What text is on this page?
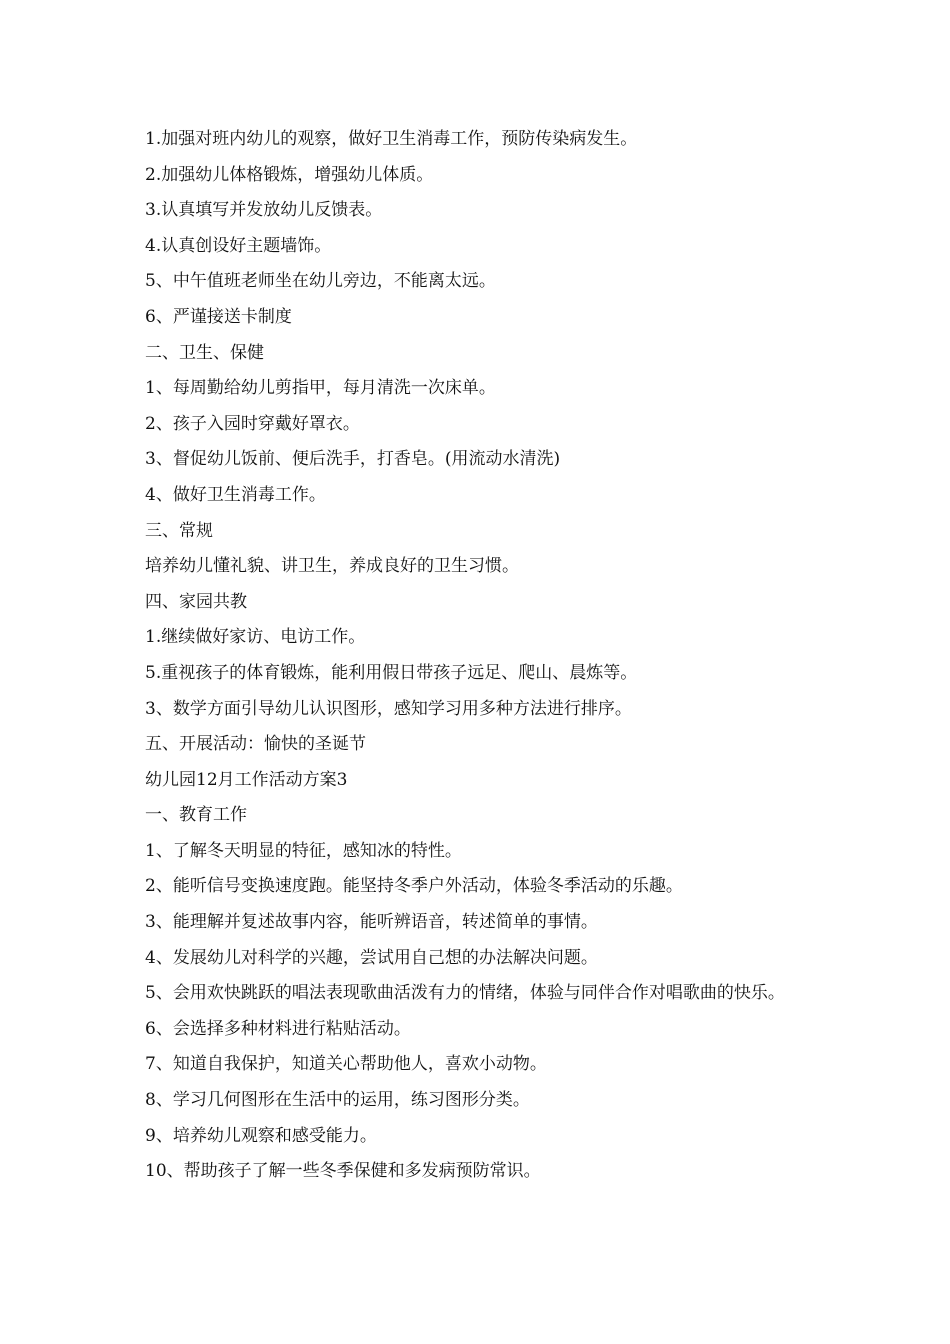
1.加强对班内幼儿的观察，做好卫生消毒工作，预防传染病发生。

2.加强幼儿体格锻炼，增强幼儿体质。

3.认真填写并发放幼儿反馈表。

4.认真创设好主题墙饰。

5、中午值班老师坐在幼儿旁边，不能离太远。

6、严谨接送卡制度

二、卫生、保健

1、每周勤给幼儿剪指甲，每月清洗一次床单。

2、孩子入园时穿戴好罩衣。

3、督促幼儿饭前、便后洗手，打香皂。(用流动水清洗)

4、做好卫生消毒工作。

三、常规

培养幼儿懂礼貌、讲卫生，养成良好的卫生习惯。

四、家园共教

1.继续做好家访、电访工作。

5.重视孩子的体育锻炼，能利用假日带孩子远足、爬山、晨炼等。

3、数学方面引导幼儿认识图形，感知学习用多种方法进行排序。

五、开展活动：愉快的圣诞节

幼儿园12月工作活动方案3

一、教育工作

1、了解冬天明显的特征，感知冰的特性。

2、能听信号变换速度跑。能坚持冬季户外活动，体验冬季活动的乐趣。

3、能理解并复述故事内容，能听辨语音，转述简单的事情。

4、发展幼儿对科学的兴趣，尝试用自己想的办法解决问题。

5、会用欢快跳跃的唱法表现歌曲活泼有力的情绪，体验与同伴合作对唱歌曲的快乐。

6、会选择多种材料进行粘贴活动。

7、知道自我保护，知道关心帮助他人，喜欢小动物。

8、学习几何图形在生活中的运用，练习图形分类。

9、培养幼儿观察和感受能力。

10、帮助孩子了解一些冬季保健和多发病预防常识。
